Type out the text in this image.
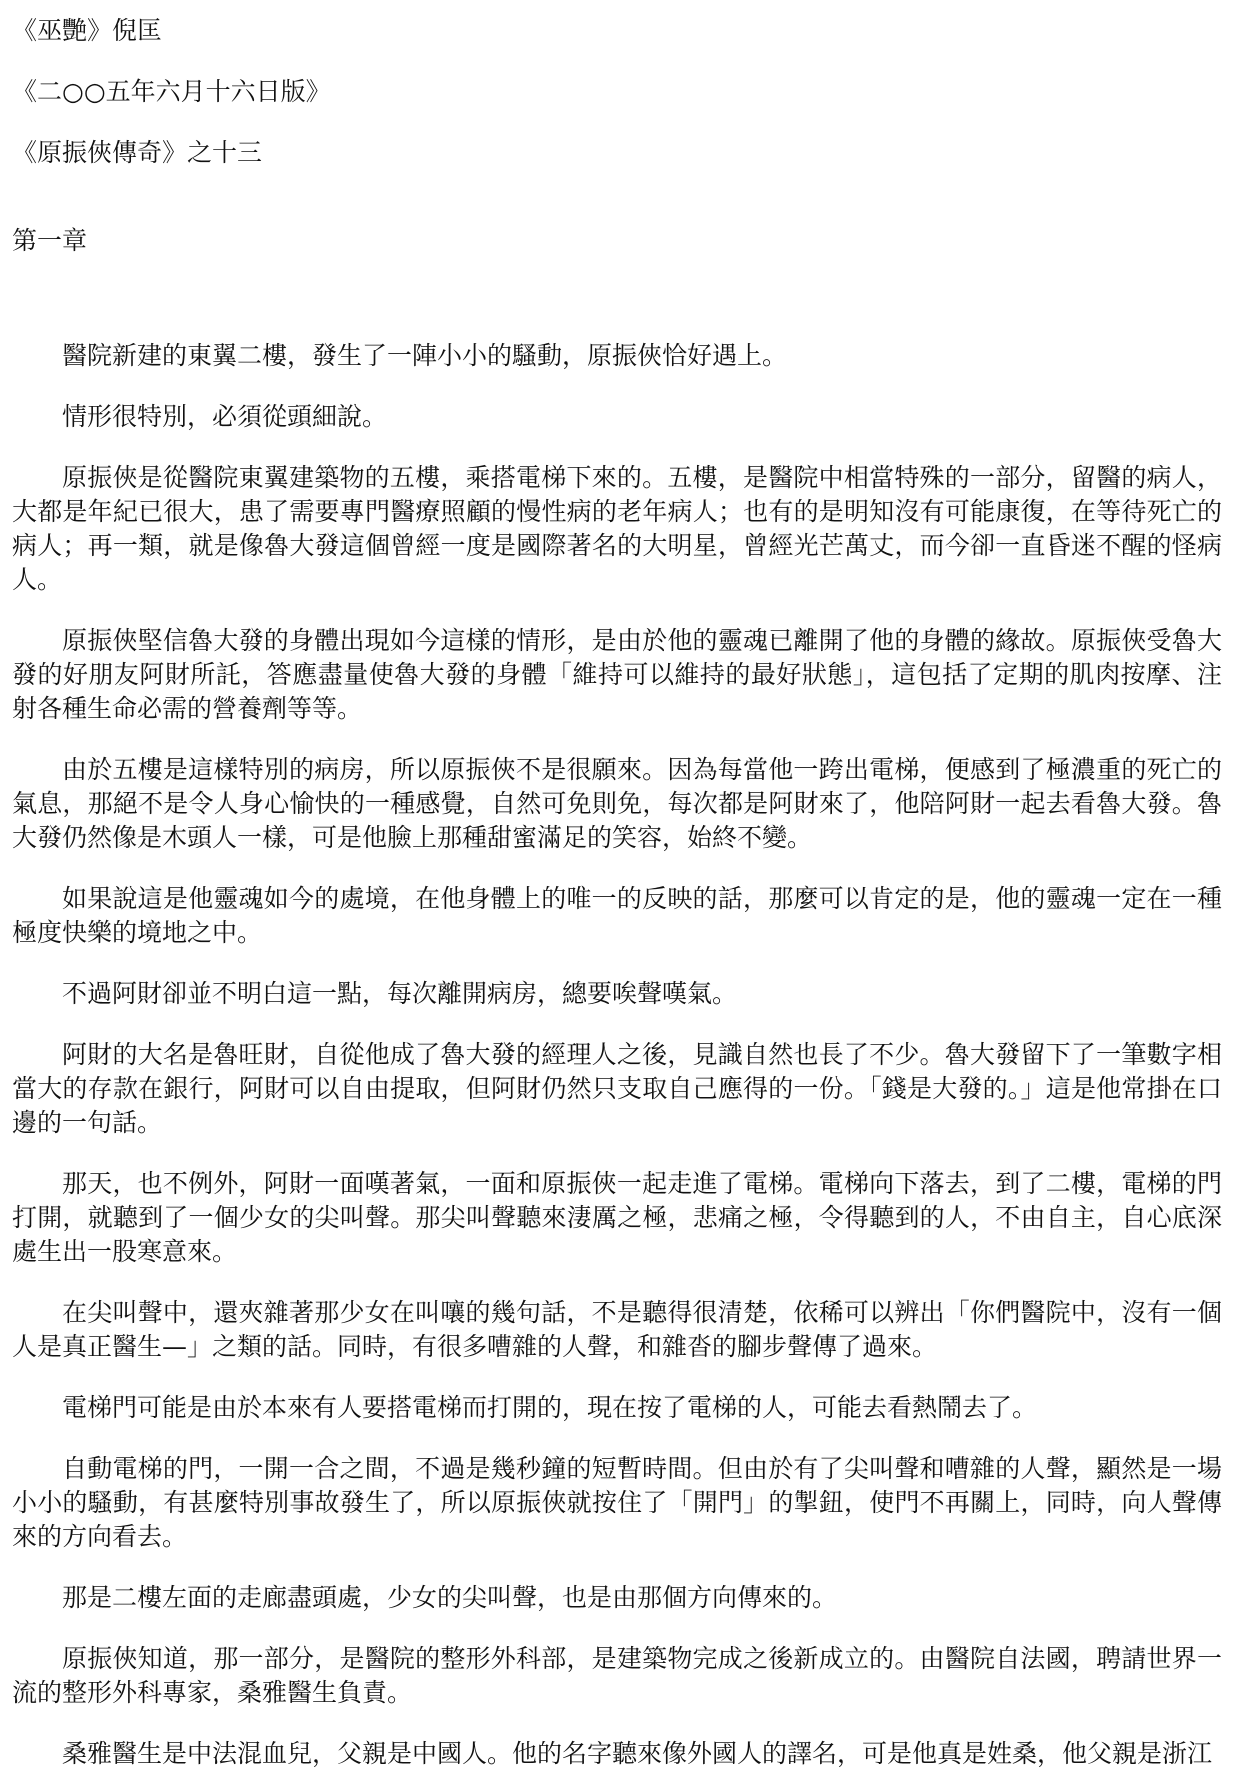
《巫艷》倪匡

《二○○五年六月十六日版》

《原振俠傳奇》之十三

第一章

醫院新建的東翼二樓，發生了一陣小小的騷動，原振俠恰好遇上。

情形很特別，必須從頭細說。

原振俠是從醫院東翼建築物的五樓，乘搭電梯下來的。五樓，是醫院中相當特殊的一部分，留醫的病人，大都是年紀已很大，患了需要專門醫療照顧的慢性病的老年病人；也有的是明知沒有可能康復，在等待死亡的病人；再一類，就是像魯大發這個曾經一度是國際著名的大明星，曾經光芒萬丈，而今卻一直昏迷不醒的怪病人。

原振俠堅信魯大發的身體出現如今這樣的情形，是由於他的靈魂已離開了他的身體的緣故。原振俠受魯大發的好朋友阿財所託，答應盡量使魯大發的身體「維持可以維持的最好狀態」，這包括了定期的肌肉按摩、注射各種生命必需的營養劑等等。

由於五樓是這樣特別的病房，所以原振俠不是很願來。因為每當他一跨出電梯，便感到了極濃重的死亡的氣息，那絕不是令人身心愉快的一種感覺，自然可免則免，每次都是阿財來了，他陪阿財一起去看魯大發。魯大發仍然像是木頭人一樣，可是他臉上那種甜蜜滿足的笑容，始終不變。

如果說這是他靈魂如今的處境，在他身體上的唯一的反映的話，那麼可以肯定的是，他的靈魂一定在一種極度快樂的境地之中。

不過阿財卻並不明白這一點，每次離開病房，總要唉聲嘆氣。

阿財的大名是魯旺財，自從他成了魯大發的經理人之後，見識自然也長了不少。魯大發留下了一筆數字相當大的存款在銀行，阿財可以自由提取，但阿財仍然只支取自己應得的一份。「錢是大發的。」這是他常掛在口邊的一句話。

那天，也不例外，阿財一面嘆著氣，一面和原振俠一起走進了電梯。電梯向下落去，到了二樓，電梯的門打開，就聽到了一個少女的尖叫聲。那尖叫聲聽來淒厲之極，悲痛之極，令得聽到的人，不由自主，自心底深處生出一股寒意來。

在尖叫聲中，還夾雜著那少女在叫嚷的幾句話，不是聽得很清楚，依稀可以辨出「你們醫院中，沒有一個人是真正醫生—」之類的話。同時，有很多嘈雜的人聲，和雜沓的腳步聲傳了過來。

電梯門可能是由於本來有人要搭電梯而打開的，現在按了電梯的人，可能去看熱鬧去了。

自動電梯的門，一開一合之間，不過是幾秒鐘的短暫時間。但由於有了尖叫聲和嘈雜的人聲，顯然是一場小小的騷動，有甚麼特別事故發生了，所以原振俠就按住了「開門」的掣鈕，使門不再關上，同時，向人聲傳來的方向看去。

那是二樓左面的走廊盡頭處，少女的尖叫聲，也是由那個方向傳來的。

原振俠知道，那一部分，是醫院的整形外科部，是建築物完成之後新成立的。由醫院自法國，聘請世界一流的整形外科專家，桑雅醫生負責。

桑雅醫生是中法混血兒，父親是中國人。他的名字聽來像外國人的譯名，可是他真是姓桑，他父親是浙江
